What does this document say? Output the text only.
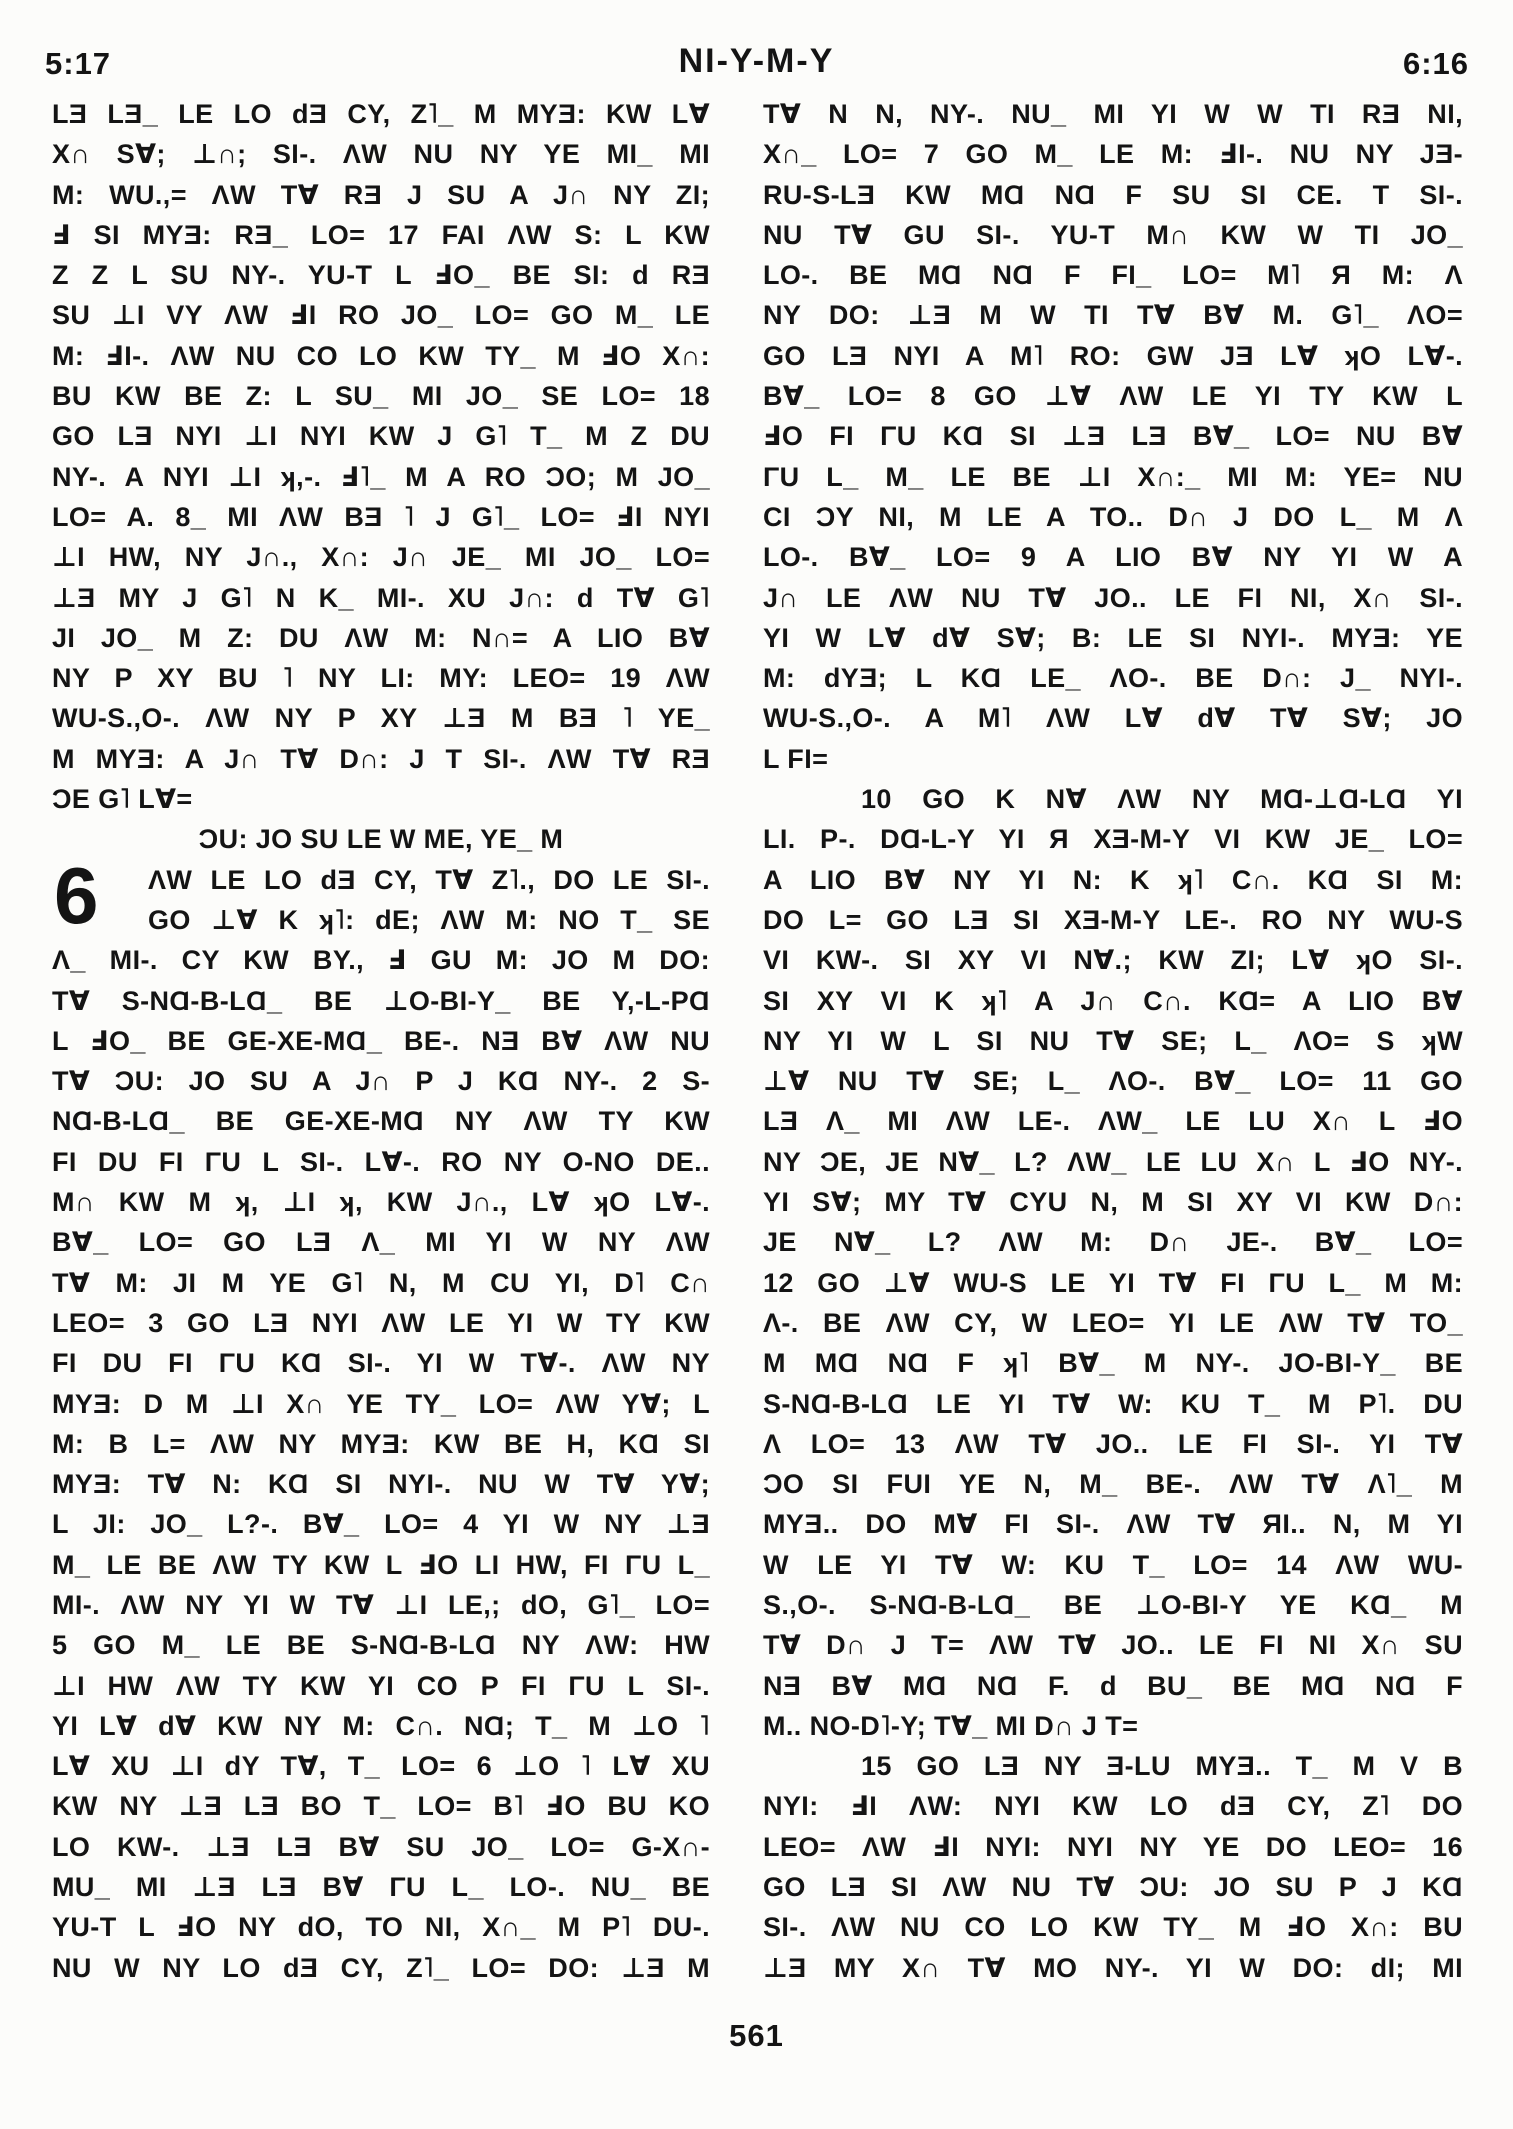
5:17	NI-Y-M-Y	6:16
6
LƎ LƎ_ LE LO dƎ CY, Z˥_ M MYƎ: KW L∀
X∩ S∀; ⊥∩; SI-. ΛW NU NY YE MI_ MI
M: WU.,= ΛW T∀ RƎ J SU A J∩ NY ZI;
Ⅎ SI MYƎ: RƎ_ LO= 17 FAI ΛW S: L KW
Z Z L SU NY-. YU-T L ℲO_ BE SI: d RƎ
SU ⊥I VY ΛW ℲI RO JO_ LO= GO M_ LE
M: ℲI-. ΛW NU CO LO KW TY_ M ℲO X∩:
BU KW BE Z: L SU_ MI JO_ SE LO= 18
GO LƎ NYI ⊥I NYI KW J G˥ T_ M Z DU
NY-. A NYI ⊥I ʞ,-. Ⅎ˥_ M A RO ƆO; M JO_
LO= A. 8_ MI ΛW BƎ ˥ J G˥_ LO= ℲI NYI
⊥I HW, NY J∩., X∩: J∩ JE_ MI JO_ LO=
⊥Ǝ MY J G˥ N K_ MI-. XU J∩: d T∀ G˥
JI JO_ M Z: DU ΛW M: N∩= A LIO B∀
NY P XY BU ˥ NY LI: MY: LEO= 19 ΛW
WU-S.,O-. ΛW NY P XY ⊥Ǝ M BƎ ˥ YE_
M MYƎ: A J∩ T∀ D∩: J T SI-. ΛW T∀ RƎ
ƆE G˥ L∀=
ƆU: JO SU LE W ME, YE_ M
ΛW LE LO dƎ CY, T∀ Z˥., DO LE SI-.
GO ⊥∀ K ʞ˥: dE; ΛW M: NO T_ SE
Λ_ MI-. CY KW BY., Ⅎ GU M: JO M DO:
T∀ S-NⱭ-B-LⱭ_ BE ⊥O-BI-Y_ BE Y,-L-PⱭ
L ℲO_ BE GE-XE-MⱭ_ BE-. NƎ B∀ ΛW NU
T∀ ƆU: JO SU A J∩ P J KⱭ NY-. 2 S-
NⱭ-B-LⱭ_ BE GE-XE-MⱭ NY ΛW TY KW
FI DU FI ΓU L SI-. L∀-. RO NY O-NO DE..
M∩ KW M ʞ, ⊥I ʞ, KW J∩., L∀ ʞO L∀-.
B∀_ LO= GO LƎ Λ_ MI YI W NY ΛW
T∀ M: JI M YE G˥ N, M CU YI, D˥ C∩
LEO= 3 GO LƎ NYI ΛW LE YI W TY KW
FI DU FI ΓU KⱭ SI-. YI W T∀-. ΛW NY
MYƎ: D M ⊥I X∩ YE TY_ LO= ΛW Y∀; L
M: B L= ΛW NY MYƎ: KW BE H, KⱭ SI
MYƎ: T∀ N: KⱭ SI NYI-. NU W T∀ Y∀;
L JI: JO_ L?-. B∀_ LO= 4 YI W NY ⊥Ǝ
M_ LE BE ΛW TY KW L ℲO LI HW, FI ΓU L_
MI-. ΛW NY YI W T∀ ⊥I LE,; dO, G˥_ LO=
5 GO M_ LE BE S-NⱭ-B-LⱭ NY ΛW: HW
⊥I HW ΛW TY KW YI CO P FI ΓU L SI-.
YI L∀ d∀ KW NY M: C∩. NⱭ; T_ M ⊥O ˥
L∀ XU ⊥I dY T∀, T_ LO= 6 ⊥O ˥ L∀ XU
KW NY ⊥Ǝ LƎ BO T_ LO= B˥ ℲO BU KO
LO KW-. ⊥Ǝ LƎ B∀ SU JO_ LO= G-X∩-
MU_ MI ⊥Ǝ LƎ B∀ ΓU L_ LO-. NU_ BE
YU-T L ℲO NY dO, TO NI, X∩_ M P˥ DU-.
NU W NY LO dƎ CY, Z˥_ LO= DO: ⊥Ǝ M
T∀ N N, NY-. NU_ MI YI W W TI RƎ NI,
X∩_ LO= 7 GO M_ LE M: ℲI-. NU NY JƎ-
RU-S-LƎ KW MⱭ NⱭ F SU SI CE. T SI-.
NU T∀ GU SI-. YU-T M∩ KW W TI JO_
LO-. BE MⱭ NⱭ F FI_ LO= M˥ Я M: Λ
NY DO: ⊥Ǝ M W TI T∀ B∀ M. G˥_ ΛO=
GO LƎ NYI A M˥ RO: GW JƎ L∀ ʞO L∀-.
B∀_ LO= 8 GO ⊥∀ ΛW LE YI TY KW L
ℲO FI ΓU KⱭ SI ⊥Ǝ LƎ B∀_ LO= NU B∀
ΓU L_ M_ LE BE ⊥I X∩:_ MI M: YE= NU
CI ƆY NI, M LE A TO.. D∩ J DO L_ M Λ
LO-. B∀_ LO= 9 A LIO B∀ NY YI W A
J∩ LE ΛW NU T∀ JO.. LE FI NI, X∩ SI-.
YI W L∀ d∀ S∀; B: LE SI NYI-. MYƎ: YE
M: dYƎ; L KⱭ LE_ ΛO-. BE D∩: J_ NYI-.
WU-S.,O-. A M˥ ΛW L∀ d∀ T∀ S∀; JO
L FI=
10 GO K N∀ ΛW NY MⱭ-⊥Ɑ-LⱭ YI
LI. P-. DⱭ-L-Y YI Я XƎ-M-Y VI KW JE_ LO=
A LIO B∀ NY YI N: K ʞ˥ C∩. KⱭ SI M:
DO L= GO LƎ SI XƎ-M-Y LE-. RO NY WU-S
VI KW-. SI XY VI N∀.; KW ZI; L∀ ʞO SI-.
SI XY VI K ʞ˥ A J∩ C∩. KⱭ= A LIO B∀
NY YI W L SI NU T∀ SE; L_ ΛO= S ʞW
⊥∀ NU T∀ SE; L_ ΛO-. B∀_ LO= 11 GO
LƎ Λ_ MI ΛW LE-. ΛW_ LE LU X∩ L ℲO
NY ƆE, JE N∀_ L? ΛW_ LE LU X∩ L ℲO NY-.
YI S∀; MY T∀ CYU N, M SI XY VI KW D∩:
JE N∀_ L? ΛW M: D∩ JE-. B∀_ LO=
12 GO ⊥∀ WU-S LE YI T∀ FI ΓU L_ M M:
Λ-. BE ΛW CY, W LEO= YI LE ΛW T∀ TO_
M MⱭ NⱭ F ʞ˥ B∀_ M NY-. JO-BI-Y_ BE
S-NⱭ-B-LⱭ LE YI T∀ W: KU T_ M P˥. DU
Λ LO= 13 ΛW T∀ JO.. LE FI SI-. YI T∀
ƆO SI FUI YE N, M_ BE-. ΛW T∀ Λ˥_ M
MYƎ.. DO M∀ FI SI-. ΛW T∀ ЯI.. N, M YI
W LE YI T∀ W: KU T_ LO= 14 ΛW WU-
S.,O-. S-NⱭ-B-LⱭ_ BE ⊥O-BI-Y YE KⱭ_ M
T∀ D∩ J T= ΛW T∀ JO.. LE FI NI X∩ SU
NƎ B∀ MⱭ NⱭ F. d BU_ BE MⱭ NⱭ F
M.. NO-D˥-Y; T∀_ MI D∩ J T=
15 GO LƎ NY Ǝ-LU MYƎ.. T_ M V B
NYI: ℲI ΛW: NYI KW LO dƎ CY, Z˥ DO
LEO= ΛW ℲI NYI: NYI NY YE DO LEO= 16
GO LƎ SI ΛW NU T∀ ƆU: JO SU P J KⱭ
SI-. ΛW NU CO LO KW TY_ M ℲO X∩: BU
⊥Ǝ MY X∩ T∀ MO NY-. YI W DO: dI; MI
561
